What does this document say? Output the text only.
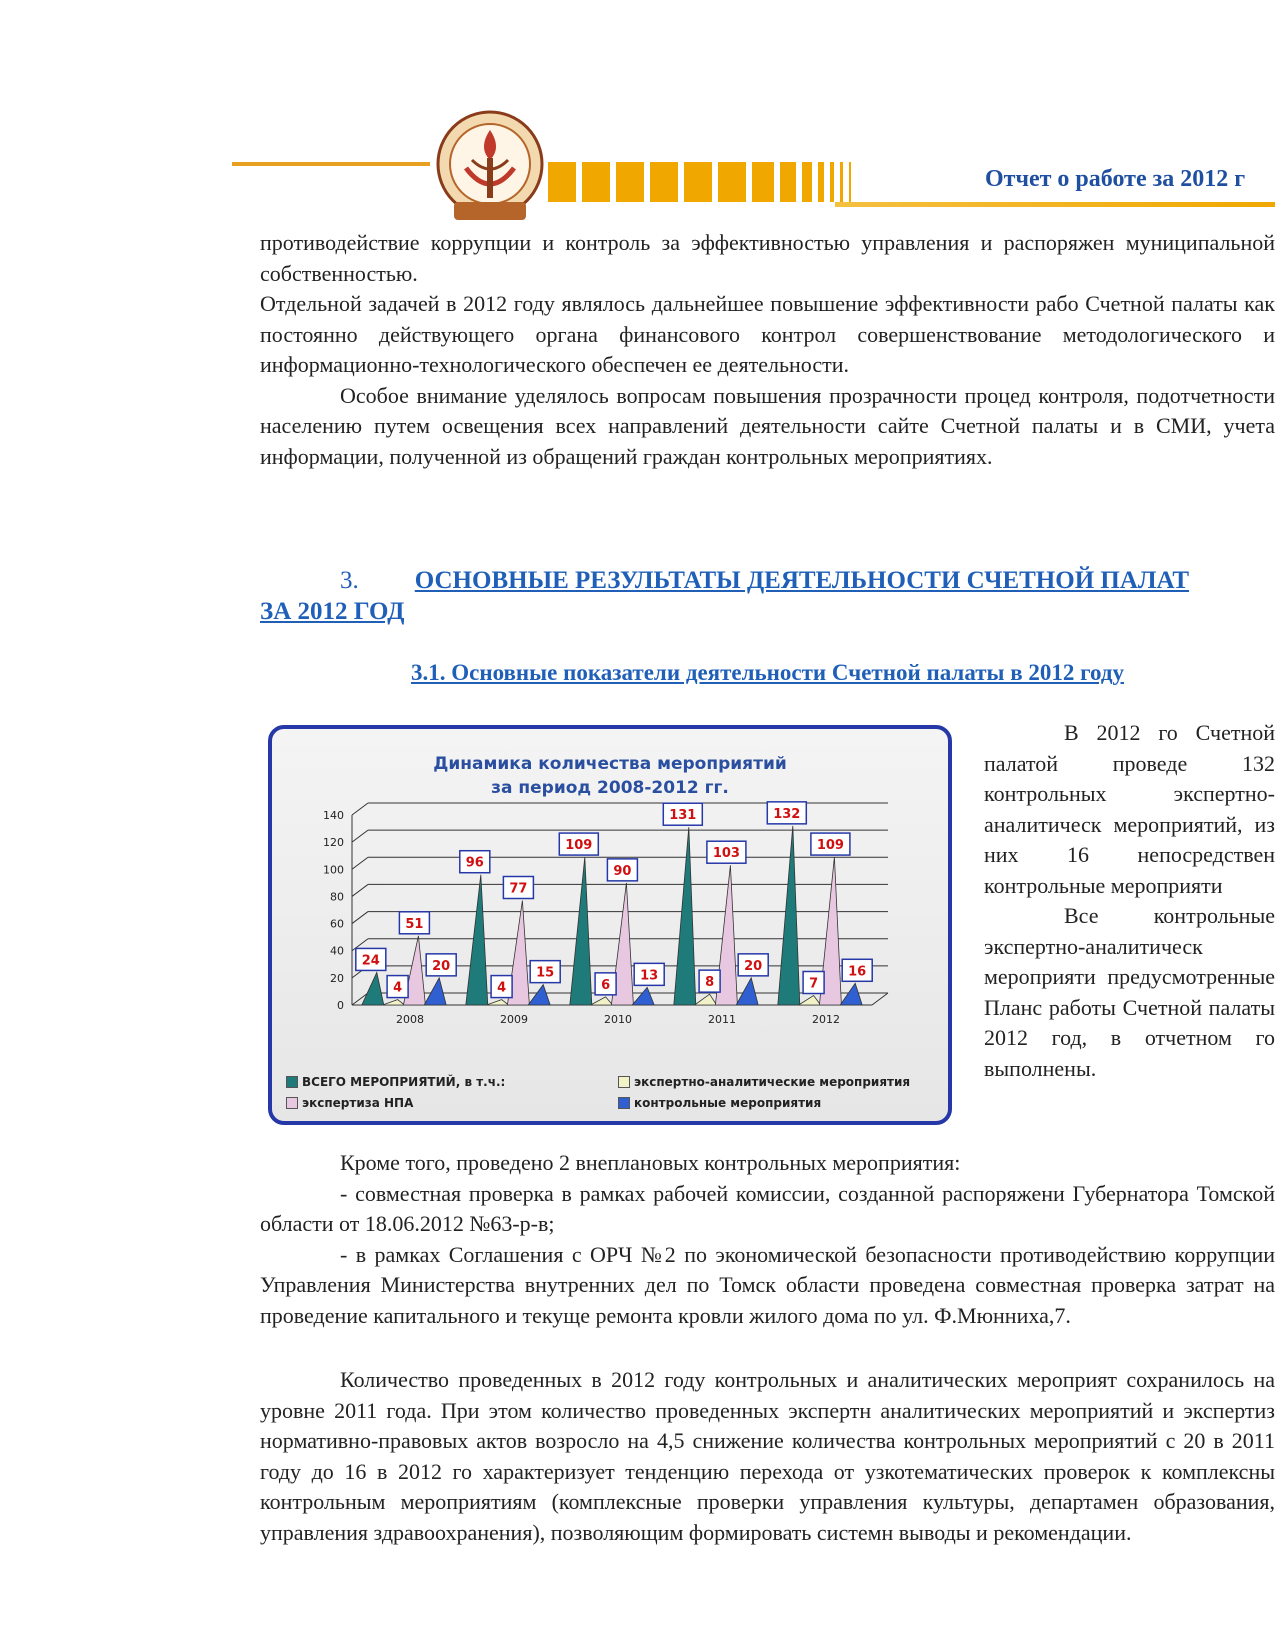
Отчет о работе за 2012 г

противодействие коррупции и контроль за эффективностью управления и распоряжен муниципальной собственностью.

Отдельной задачей в 2012 году являлось дальнейшее повышение эффективности рабо Счетной палаты как постоянно действующего органа финансового контрол совершенствование методологического и информационно-технологического обеспечен ее деятельности.

Особое внимание уделялось вопросам повышения прозрачности процед контроля, подотчетности населению путем освещения всех направлений деятельности сайте Счетной палаты и в СМИ, учета информации, полученной из обращений граждан контрольных мероприятиях.

3. ОСНОВНЫЕ РЕЗУЛЬТАТЫ ДЕЯТЕЛЬНОСТИ СЧЕТНОЙ ПАЛАТ
ЗА 2012 ГОД
3.1. Основные показатели деятельности Счетной палаты в 2012 году
Динамика количества мероприятий
за период 2008-2012 гг.
0
20
40
60
80
100
120
140
2008
24
4
51
20
2009
96
4
77
15
2010
109
6
90
13
2011
131
8
103
20
2012
132
7
109
16
ВСЕГО МЕРОПРИЯТИЙ, в т.ч.:	экспертно-аналитические мероприятия
экспертиза НПА	контрольные мероприятия

В 2012 го Счетной палатой проведе 132 контрольных экспертно-аналитическ мероприятий, из них 16 непосредствен контрольные мероприяти

Все контрольные экспертно-аналитическ мероприяти предусмотренные Планс работы Счетной палаты 2012 год, в отчетном го выполнены.

Кроме того, проведено 2 внеплановых контрольных мероприятия:

- совместная проверка в рамках рабочей комиссии, созданной распоряжени Губернатора Томской области от 18.06.2012 №63-р-в;

- в рамках Соглашения с ОРЧ №2 по экономической безопасности противодействию коррупции Управления Министерства внутренних дел по Томск области проведена совместная проверка затрат на проведение капитального и текуще ремонта кровли жилого дома по ул. Ф.Мюнниха,7.

Количество проведенных в 2012 году контрольных и аналитических мероприят сохранилось на уровне 2011 года. При этом количество проведенных экспертн аналитических мероприятий и экспертиз нормативно-правовых актов возросло на 4,5 снижение количества контрольных мероприятий с 20 в 2011 году до 16 в 2012 го характеризует тенденцию перехода от узкотематических проверок к комплексны контрольным мероприятиям (комплексные проверки управления культуры, департамен образования, управления здравоохранения), позволяющим формировать системн выводы и рекомендации.
